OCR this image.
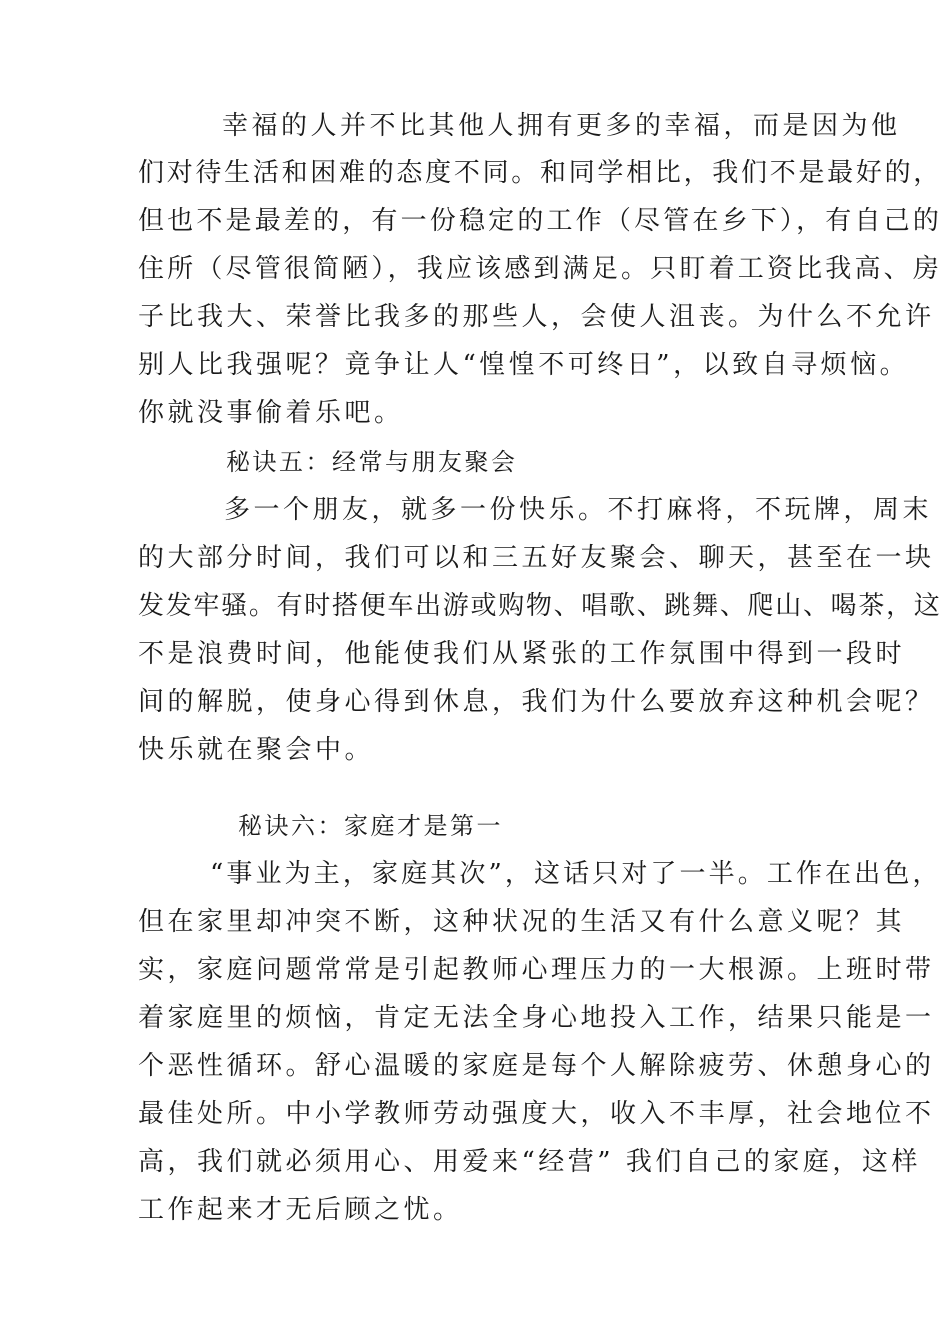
幸福的人并不比其他人拥有更多的幸福，而是因为他
们对待生活和困难的态度不同。和同学相比，我们不是最好的，
但也不是最差的，有一份稳定的工作（尽管在乡下），有自己的
住所（尽管很简陋），我应该感到满足。只盯着工资比我高、房
子比我大、荣誉比我多的那些人，会使人沮丧。为什么不允许
别人比我强呢？竟争让人“惶惶不可终日”，以致自寻烦恼。
你就没事偷着乐吧。
秘诀五：经常与朋友聚会
多一个朋友，就多一份快乐。不打麻将，不玩牌，周末
的大部分时间，我们可以和三五好友聚会、聊天，甚至在一块
发发牢骚。有时搭便车出游或购物、唱歌、跳舞、爬山、喝茶，这
不是浪费时间，他能使我们从紧张的工作氛围中得到一段时
间的解脱，使身心得到休息，我们为什么要放弃这种机会呢？
快乐就在聚会中。
秘诀六：家庭才是第一
“事业为主，家庭其次”，这话只对了一半。工作在出色，
但在家里却冲突不断，这种状况的生活又有什么意义呢？其
实，家庭问题常常是引起教师心理压力的一大根源。上班时带
着家庭里的烦恼，肯定无法全身心地投入工作，结果只能是一
个恶性循环。舒心温暖的家庭是每个人解除疲劳、休憩身心的
最佳处所。中小学教师劳动强度大，收入不丰厚，社会地位不
高，我们就必须用心、用爱来“经营” 我们自己的家庭，这样
工作起来才无后顾之忧。
